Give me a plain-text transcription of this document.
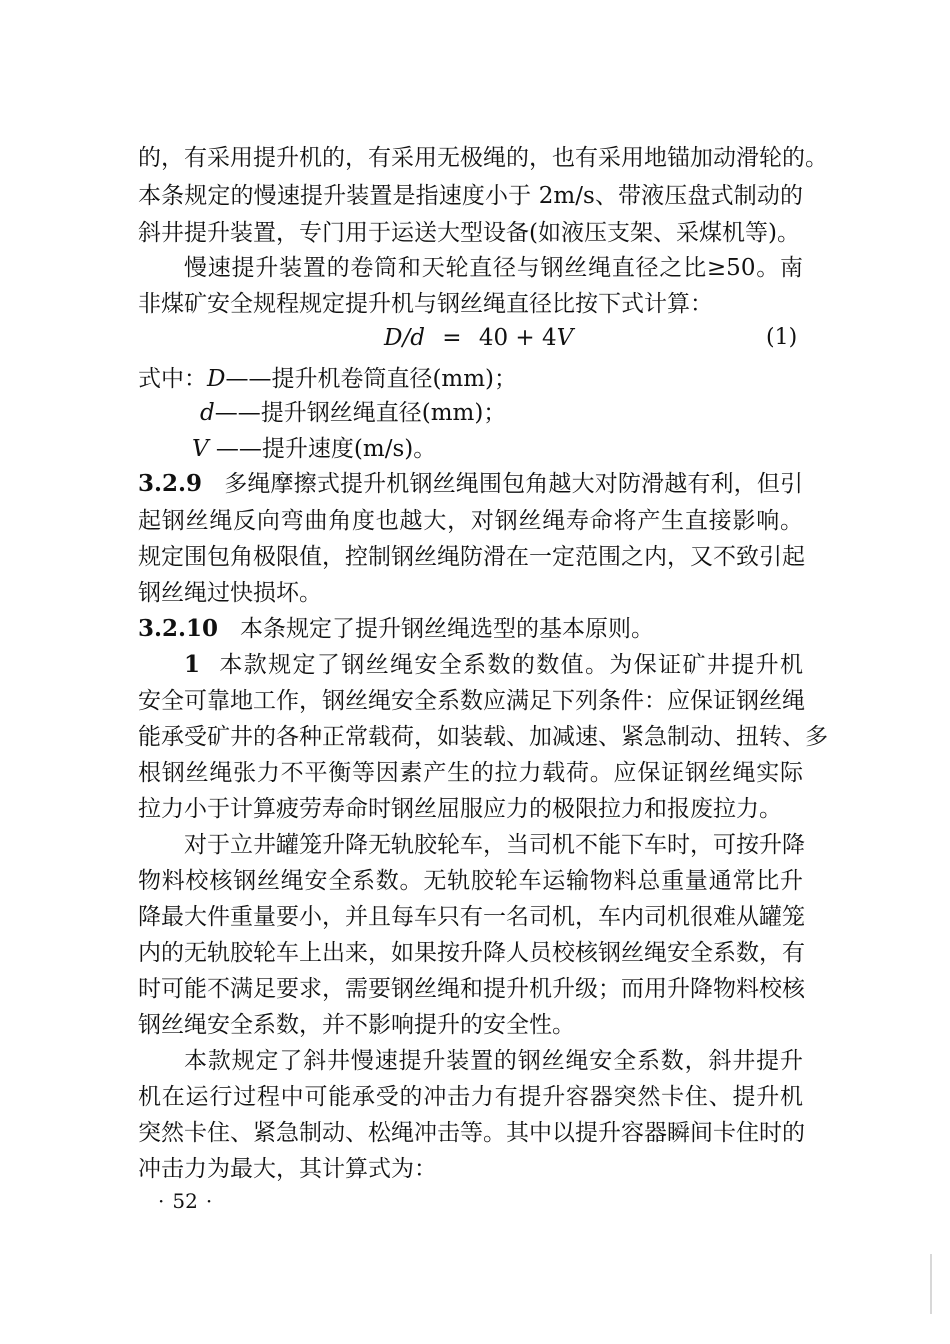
的，有采用提升机的，有采用无极绳的，也有采用地锚加动滑轮的。
本条规定的慢速提升装置是指速度小于 2m/s、带液压盘式制动的
斜井提升装置，专门用于运送大型设备(如液压支架、采煤机等)。
慢速提升装置的卷筒和天轮直径与钢丝绳直径之比≥50。南
非煤矿安全规程规定提升机与钢丝绳直径比按下式计算：
D/d = 40 + 4V	(1)
式中：D——提升机卷筒直径(mm)；
d——提升钢丝绳直径(mm)；
V ——提升速度(m/s)。
3.2.9 多绳摩擦式提升机钢丝绳围包角越大对防滑越有利，但引
起钢丝绳反向弯曲角度也越大，对钢丝绳寿命将产生直接影响。
规定围包角极限值，控制钢丝绳防滑在一定范围之内，又不致引起
钢丝绳过快损坏。
3.2.10 本条规定了提升钢丝绳选型的基本原则。
1 本款规定了钢丝绳安全系数的数值。为保证矿井提升机
安全可靠地工作，钢丝绳安全系数应满足下列条件：应保证钢丝绳
能承受矿井的各种正常载荷，如装载、加减速、紧急制动、扭转、多
根钢丝绳张力不平衡等因素产生的拉力载荷。应保证钢丝绳实际
拉力小于计算疲劳寿命时钢丝屈服应力的极限拉力和报废拉力。
对于立井罐笼升降无轨胶轮车，当司机不能下车时，可按升降
物料校核钢丝绳安全系数。无轨胶轮车运输物料总重量通常比升
降最大件重量要小，并且每车只有一名司机，车内司机很难从罐笼
内的无轨胶轮车上出来，如果按升降人员校核钢丝绳安全系数，有
时可能不满足要求，需要钢丝绳和提升机升级；而用升降物料校核
钢丝绳安全系数，并不影响提升的安全性。
本款规定了斜井慢速提升装置的钢丝绳安全系数，斜井提升
机在运行过程中可能承受的冲击力有提升容器突然卡住、提升机
突然卡住、紧急制动、松绳冲击等。其中以提升容器瞬间卡住时的
冲击力为最大，其计算式为：
· 52 ·
